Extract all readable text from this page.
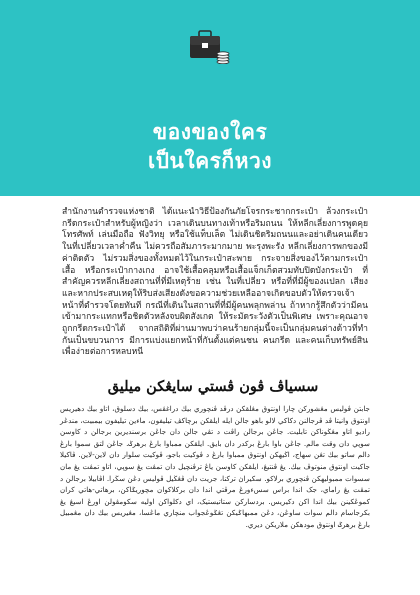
ของของใคร
เป็นใครก็หวง
สำนักงานตำรวจแห่งชาติ ได้แนะนำวิธีป้องกันภัยโจรกระชากกระเป๋า ล้วงกระเป๋า กรีดกระเป๋าสำหรับผู้หญิงว่า เวลาเดินบนทางเท้าหรือริมถนน ให้หลีกเลี่ยงการพูดคุยโทรศัพท์ เล่นมือถือ ฟังวิทยุ หรือใช้แท็บเล็ต ไม่เดินชิดริมถนนและอย่าเดินคนเดียวในที่เปลี่ยวเวลาค่ำคืน ไม่ควรถือสัมภาระมากมาย พะรุงพะรัง หลีกเลี่ยงการพกของมีค่าติดตัว ไม่รวมสิ่งของทั้งหมดไว้ในกระเป๋าสะพาย กระจายสิ่งของไว้ตามกระเป๋าเสื้อ หรือกระเป๋ากางเกง อาจใช้เสื้อคลุมหรือเสื้อแจ็กเก็ตสวมทับปิดบังกระเป๋า ที่สำคัญควรหลีกเลี่ยงสถานที่ที่มีเหตุร้าย เช่น ในที่เปลี่ยว หรือที่ที่มีผู้ของแปลก เสียง และหากประสบเหตุให้ริบส่งเสียงดังขอความช่วยเหลืออาจเกิดขอบตัวให้ตรวจเจ้าหน้าที่ตำรวจโดยทันที กรณีที่เดินในสถานที่ที่มีผู้คนพลุกพล่าน ถ้าหากรู้สึกตัวว่ามีคนเข้ามากระแทกหรือชิดตัวหลังจบผิดสังเกต ให้ระมัดระวังตัวเป็นพิเศษ เพราะคุณอาจถูกกรีดกระเป๋าได้ จากสถิติที่ผ่านมาพบว่าคนร้ายกลุ่มนี้จะเป็นกลุ่มคนต่างด้าวที่ทำกันเป็นขบวนการ มีการแบ่งแยกหน้าที่กันตั้งแต่คนชน คนกรีด และคนเก็บทรัพย์สิน เพื่อง่ายต่อการหลบหนี
سسياڤ ڤون ڤستي سايڠكن ميليق
جابتن ڤوليس مڠشورکن چارا اونتوق مڠلقکن درڤد ڤنچوري بيڬ دراغڤس، بيڬ دسلوق، اتاو بيڬ دهيريس اونتوق وانيتا ڤد ڤرجالنن دکاکي لالو باهو جالن ايله ايلقکن برچاکڤ تيليفون، ماءين تيليفون بيمبيت، مندڠر راديو اتاو مڠڬوناکن تابليت. جاڠن برجالن راڤت د تڤي جالن دان جاڠن برسنديرين برجالن د کاوسن سوڽي دان وقت مالم. جاڠن باوا بارڠ برکدر دان بايق. ايلقکن ممباوا بارڠ برهرݢ. جاڠن لتق سموا بارڠ دالم ساتو بيڬ تڠن سهاج، اڬيهکن اونتوق ممباوا بارڠ د ڤوکيت باجو، ڤوکيت سلوار دان لاين-لاين. ڤاکيلا جاکيت اونتوق منوتوڤ بيڬ. يڠ ڤنتيڠ، ايلقکن کاوسن ياڠ ترڤنچيل دان تمڤت يڠ سوڽي، اتاو تمڤت يڠ مان سسوات ممبوليهکن ڤنچوري برلاکو. سکيراڽ ترکنا، جريت دان ڤڠڬيل ڤوليس دڠن سڬرا. اڤابيلا برجالن د تمڤت يڠ راماي، جک اندا براس سسءورڠ مرڤتي اندا دان برکلاکوان مچوريݢاکن، برهاتي-هاتي کران کموڠکينن بيڬ اندا اکن دکيريس. بردسارکن ستاتيستيک، اي دکلواکن اوليه سکومڤولن اورڠ اسيڠ يڠ بکرجاسام دالم سوات ساوڠن، دڠن ممبهاݢيکن تڠݢوڠجواب منچاري ماڠسا، مڠيريس بيڬ دان مڠمبيل بارڠ برهرݢ اونتوق مودهکن ملاريکن ديري.
